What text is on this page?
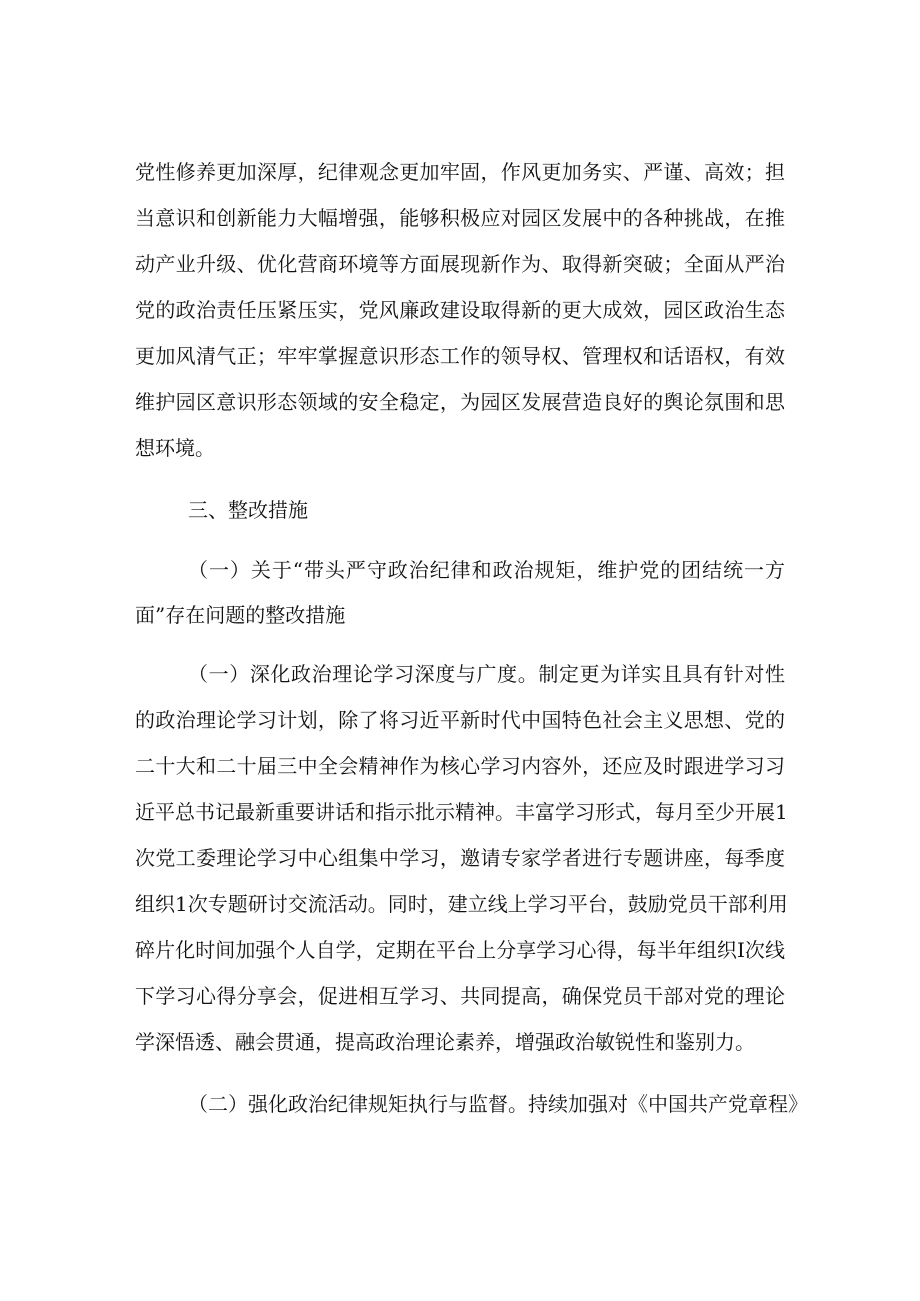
党性修养更加深厚，纪律观念更加牢固，作风更加务实、严谨、高效；担

当意识和创新能力大幅增强，能够积极应对园区发展中的各种挑战，在推

动产业升级、优化营商环境等方面展现新作为、取得新突破；全面从严治

党的政治责任压紧压实，党风廉政建设取得新的更大成效，园区政治生态

更加风清气正；牢牢掌握意识形态工作的领导权、管理权和话语权，有效

维护园区意识形态领域的安全稳定，为园区发展营造良好的舆论氛围和思

想环境。

三、整改措施

（一）关于“带头严守政治纪律和政治规矩，维护党的团结统一方

面”存在问题的整改措施

（一）深化政治理论学习深度与广度。制定更为详实且具有针对性

的政治理论学习计划，除了将习近平新时代中国特色社会主义思想、党的

二十大和二十届三中全会精神作为核心学习内容外，还应及时跟进学习习

近平总书记最新重要讲话和指示批示精神。丰富学习形式，每月至少开展1

次党工委理论学习中心组集中学习，邀请专家学者进行专题讲座，每季度

组织1次专题研讨交流活动。同时，建立线上学习平台，鼓励党员干部利用

碎片化时间加强个人自学，定期在平台上分享学习心得，每半年组织I次线

下学习心得分享会，促进相互学习、共同提高，确保党员干部对党的理论

学深悟透、融会贯通，提高政治理论素养，增强政治敏锐性和鉴别力。

（二）强化政治纪律规矩执行与监督。持续加强对《中国共产党章程》
